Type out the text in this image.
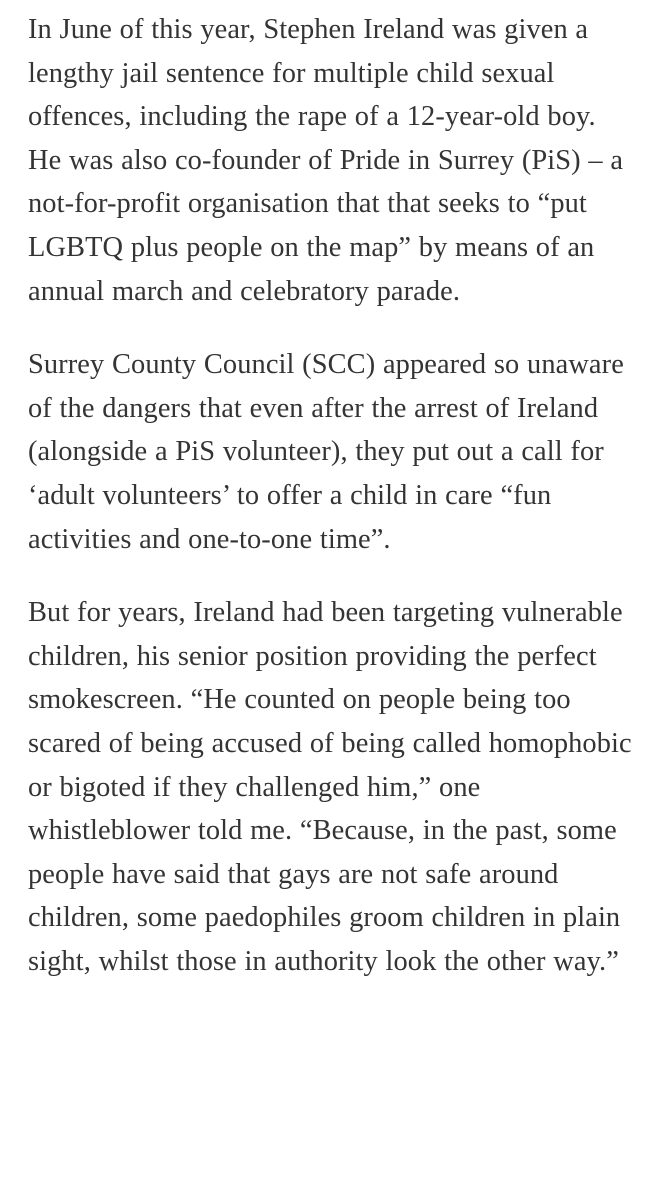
In June of this year, Stephen Ireland was given a lengthy jail sentence for multiple child sexual offences, including the rape of a 12-year-old boy. He was also co-founder of Pride in Surrey (PiS) – a not-for-profit organisation that that seeks to “put LGBTQ plus people on the map” by means of an annual march and celebratory parade.

Surrey County Council (SCC) appeared so unaware of the dangers that even after the arrest of Ireland (alongside a PiS volunteer), they put out a call for ‘adult volunteers’ to offer a child in care “fun activities and one-to-one time”.

But for years, Ireland had been targeting vulnerable children, his senior position providing the perfect smokescreen. “He counted on people being too scared of being accused of being called homophobic or bigoted if they challenged him,” one whistleblower told me. “Because, in the past, some people have said that gays are not safe around children, some paedophiles groom children in plain sight, whilst those in authority look the other way.”
